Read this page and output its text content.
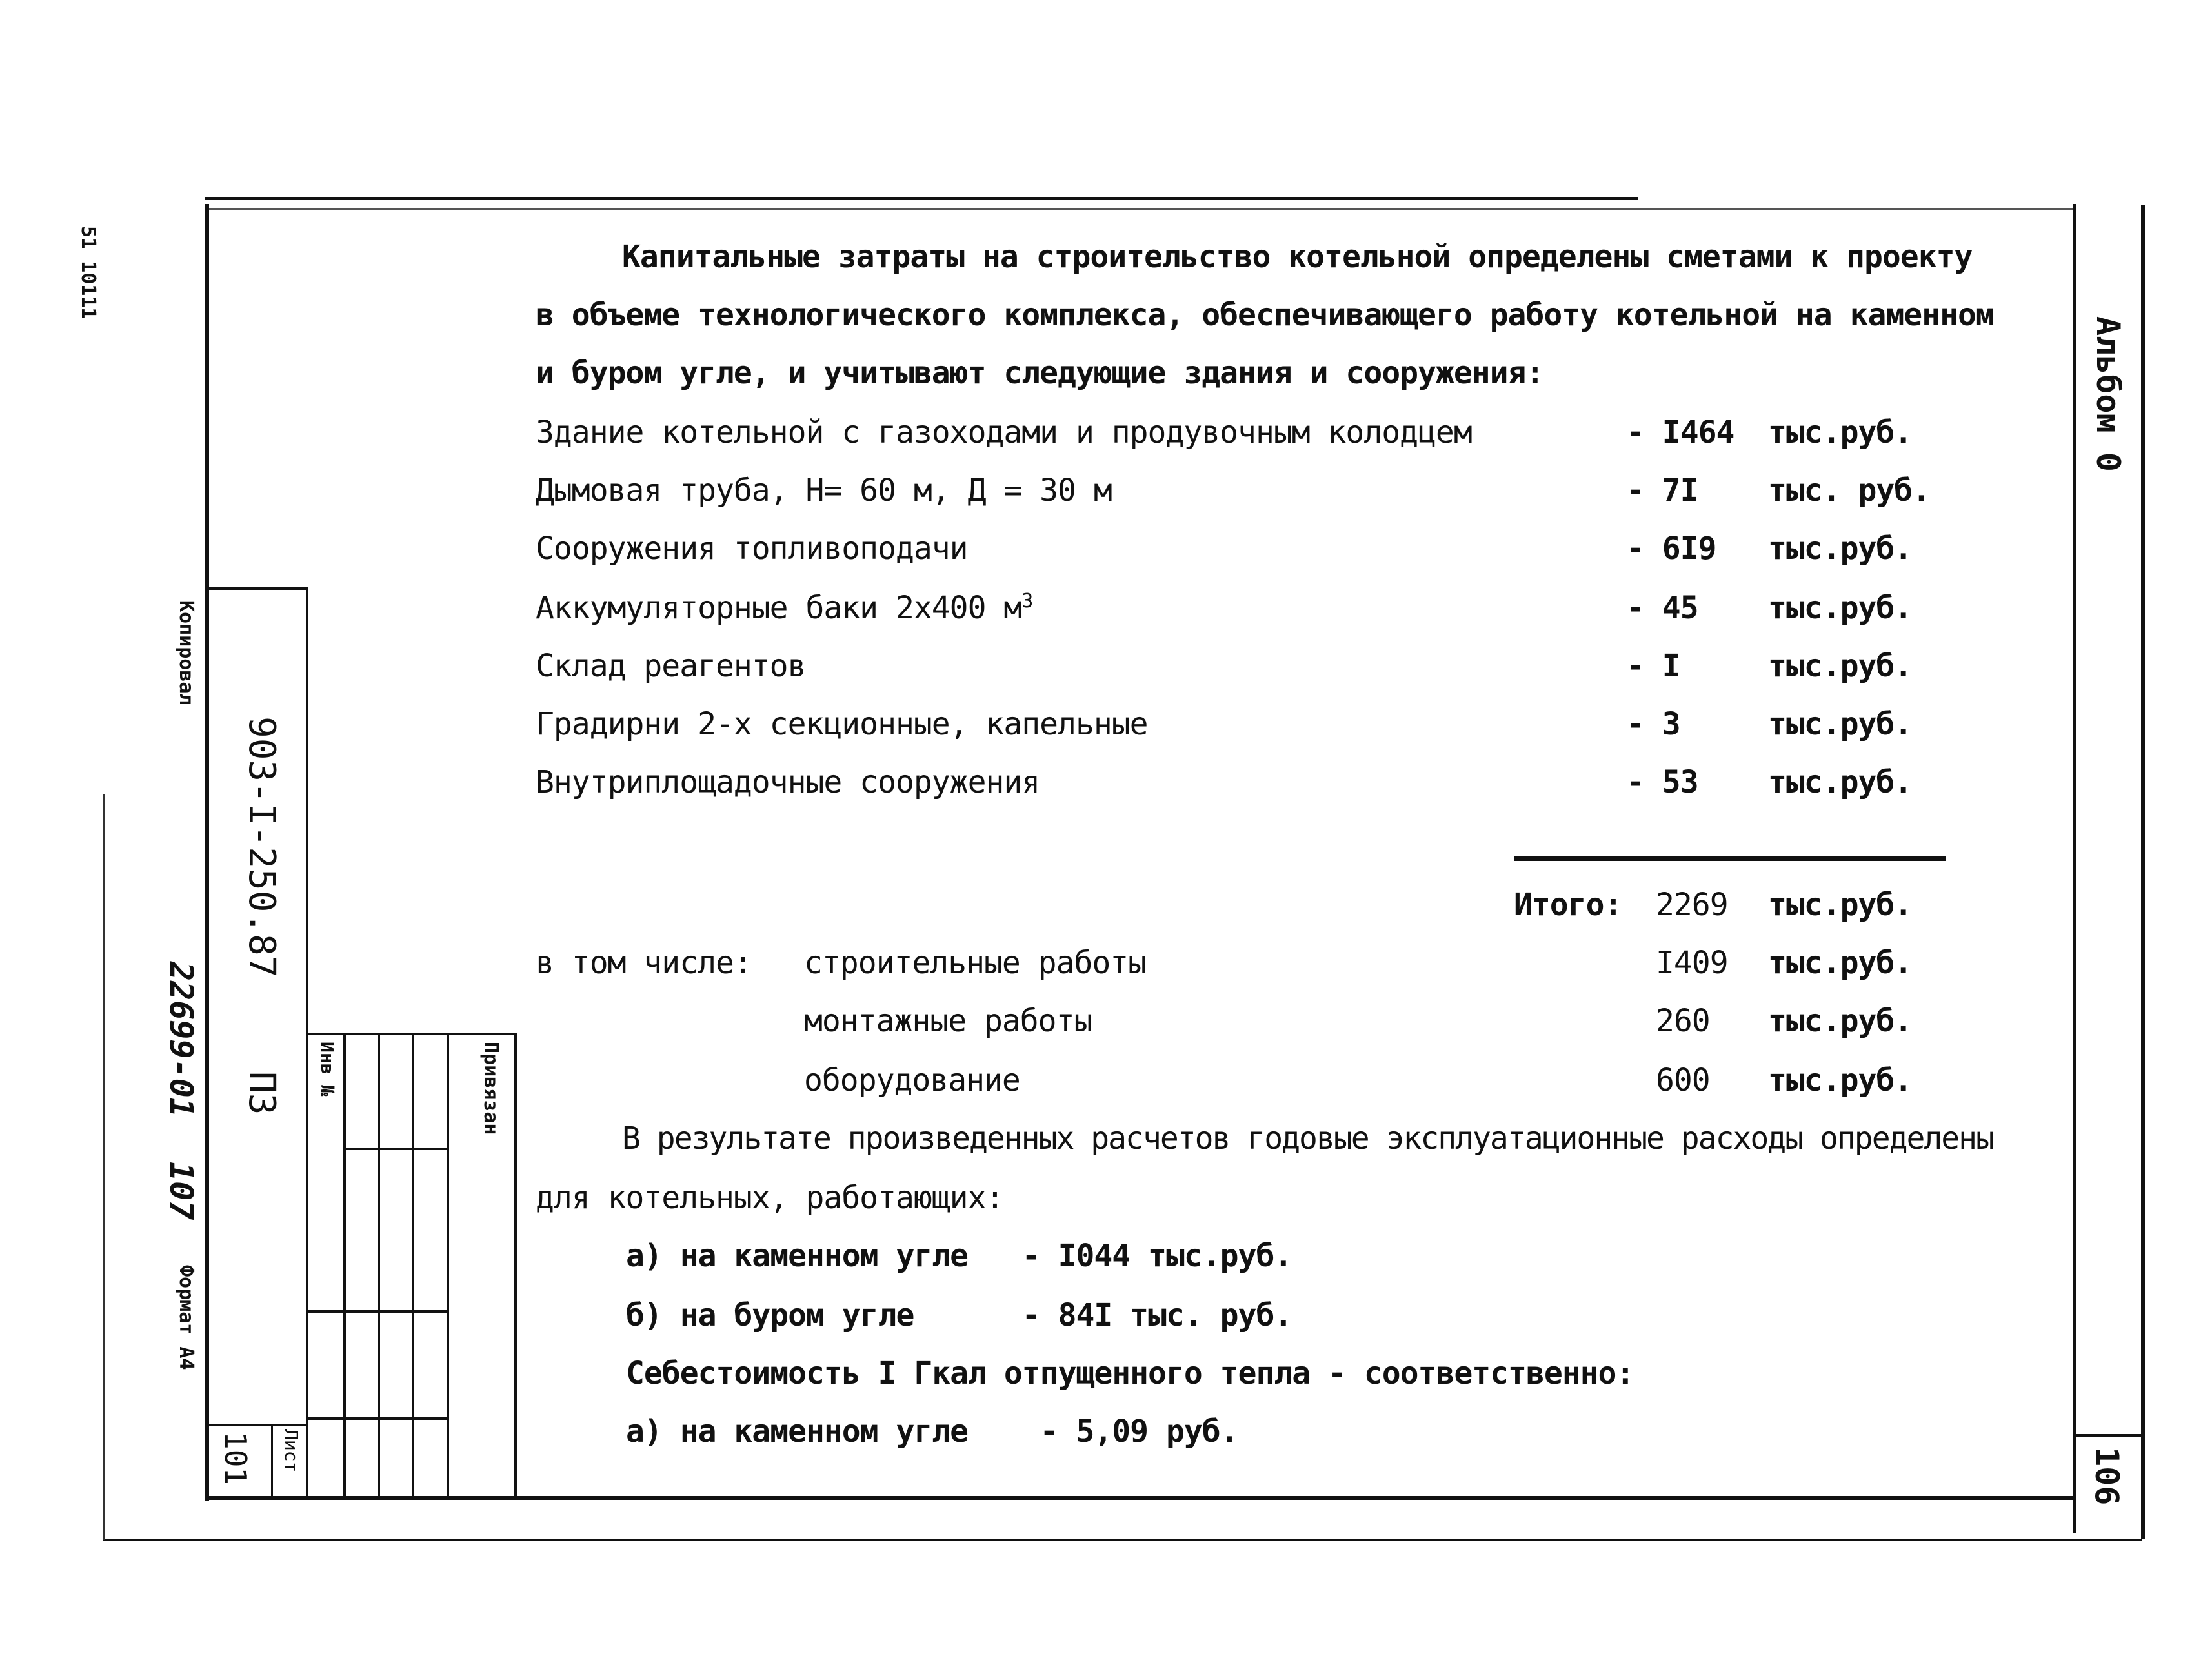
51 10111
Копировал
903-I-250.87
ПЗ
22699-01
107
Формат А4
101 Лист
Инв №	Привязан
Альбом 0
106
Капитальные затраты на строительство котельной определены сметами к проекту
в объеме технологического комплекса, обеспечивающего работу котельной на каменном
и буром угле, и учитывают следующие здания и сооружения:
Здание котельной с газоходами и продувочным колодцем	- I464 тыс.руб.
Дымовая труба, Н= 60 м, Д = 30 м	- 7I тыс. руб.
Сооружения топливоподачи	- 6I9 тыс.руб.
Аккумуляторные баки 2х400 $м^3$	- 45 тыс.руб.
Склад реагентов	- I	тыс.руб.
Градирни 2-х секционные, капельные	- 3	тыс.руб.
Внутриплощадочные сооружения	- 53 тыс.руб.
Итого: 2269 тыс.руб.
в том числе: строительные работы	I409 тыс.руб.
монтажные работы	260 тыс.руб.
оборудование	600 тыс.руб.
В результате произведенных расчетов годовые эксплуатационные расходы определены
для котельных, работающих:
а) на каменном угле   - I044 тыс.руб.
б) на буром угле      - 84I тыс. руб.
Себестоимость I Гкал отпущенного тепла - соответственно:
а) на каменном угле    - 5,09 руб.
